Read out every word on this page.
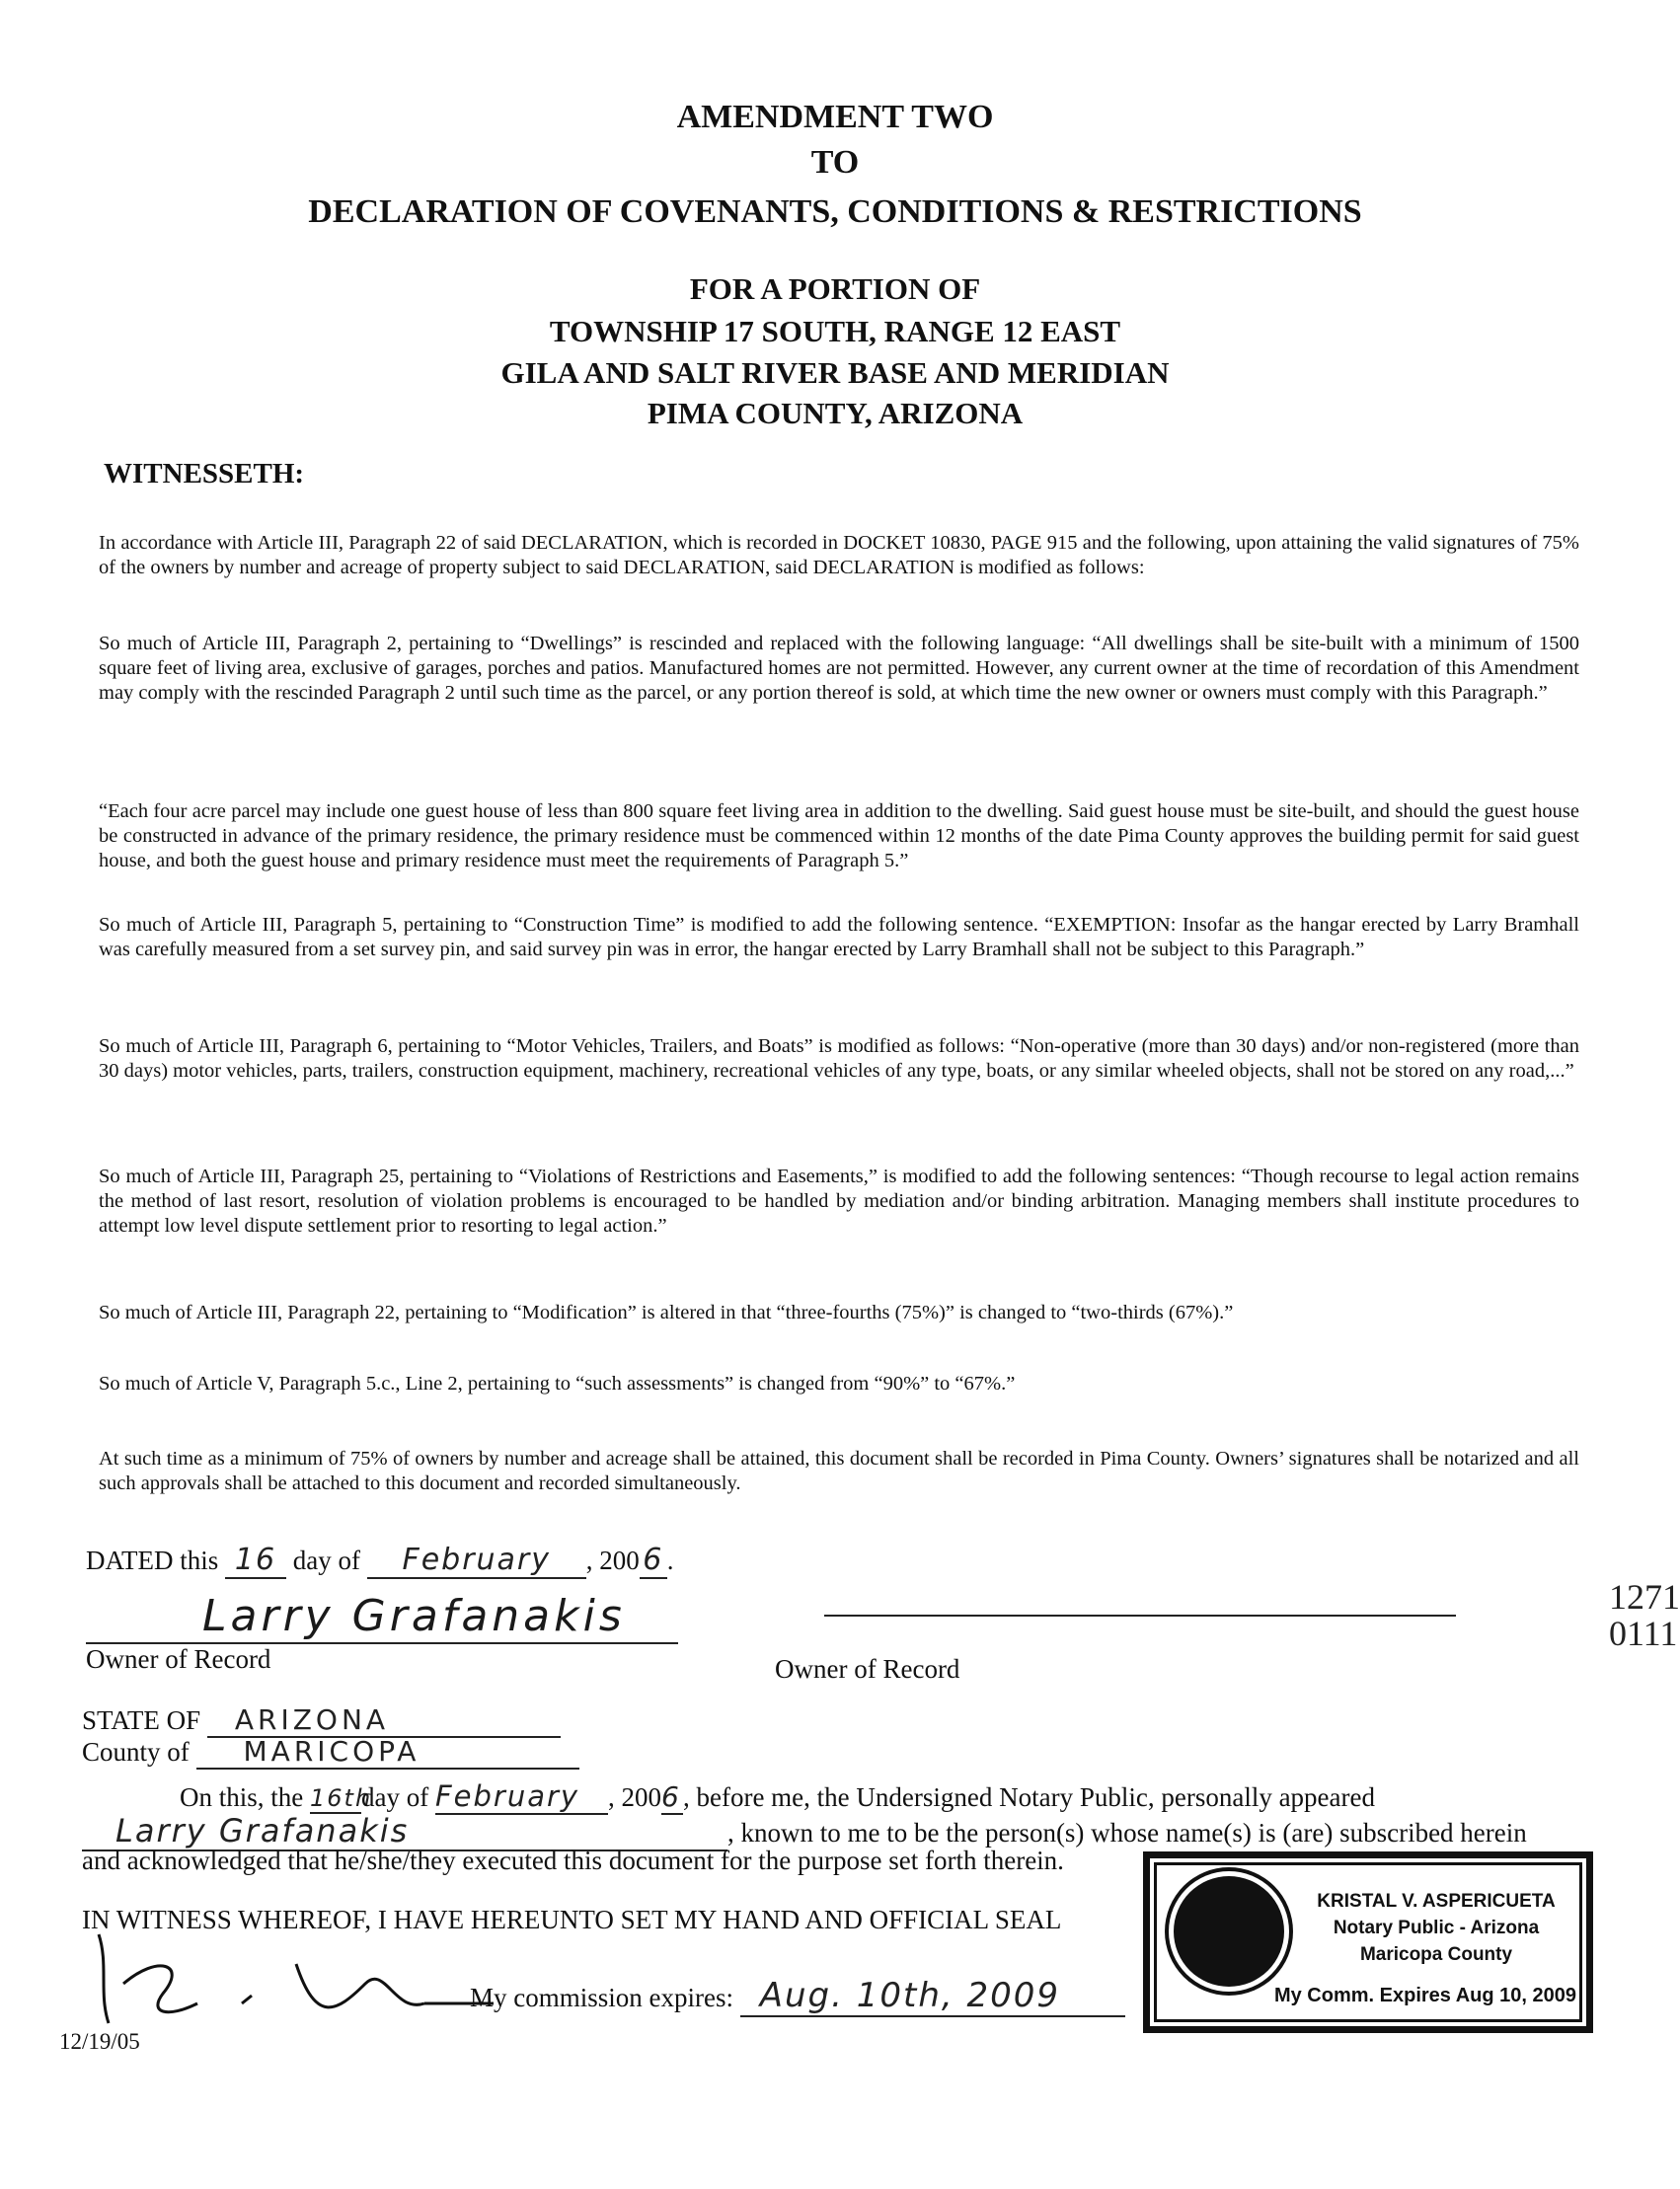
AMENDMENT TWO
TO
DECLARATION OF COVENANTS, CONDITIONS & RESTRICTIONS
FOR A PORTION OF
TOWNSHIP 17 SOUTH, RANGE 12 EAST
GILA AND SALT RIVER BASE AND MERIDIAN
PIMA COUNTY, ARIZONA
WITNESSETH:
In accordance with Article III, Paragraph 22 of said DECLARATION, which is recorded in DOCKET 10830, PAGE 915 and the following, upon attaining the valid signatures of 75% of the owners by number and acreage of property subject to said DECLARATION, said DECLARATION is modified as follows:
So much of Article III, Paragraph 2, pertaining to “Dwellings” is rescinded and replaced with the following language: “All dwellings shall be site-built with a minimum of 1500 square feet of living area, exclusive of garages, porches and patios. Manufactured homes are not permitted. However, any current owner at the time of recordation of this Amendment may comply with the rescinded Paragraph 2 until such time as the parcel, or any portion thereof is sold, at which time the new owner or owners must comply with this Paragraph.”
“Each four acre parcel may include one guest house of less than 800 square feet living area in addition to the dwelling. Said guest house must be site-built, and should the guest house be constructed in advance of the primary residence, the primary residence must be commenced within 12 months of the date Pima County approves the building permit for said guest house, and both the guest house and primary residence must meet the requirements of Paragraph 5.”
So much of Article III, Paragraph 5, pertaining to “Construction Time” is modified to add the following sentence. “EXEMPTION: Insofar as the hangar erected by Larry Bramhall was carefully measured from a set survey pin, and said survey pin was in error, the hangar erected by Larry Bramhall shall not be subject to this Paragraph.”
So much of Article III, Paragraph 6, pertaining to “Motor Vehicles, Trailers, and Boats” is modified as follows: “Non-operative (more than 30 days) and/or non-registered (more than 30 days) motor vehicles, parts, trailers, construction equipment, machinery, recreational vehicles of any type, boats, or any similar wheeled objects, shall not be stored on any road,...”
So much of Article III, Paragraph 25, pertaining to “Violations of Restrictions and Easements,” is modified to add the following sentences: “Though recourse to legal action remains the method of last resort, resolution of violation problems is encouraged to be handled by mediation and/or binding arbitration. Managing members shall institute procedures to attempt low level dispute settlement prior to resorting to legal action.”
So much of Article III, Paragraph 22, pertaining to “Modification” is altered in that “three-fourths (75%)” is changed to “two-thirds (67%).”
So much of Article V, Paragraph 5.c., Line 2, pertaining to “such assessments” is changed from “90%” to “67%.”
At such time as a minimum of 75% of owners by number and acreage shall be attained, this document shall be recorded in Pima County. Owners’ signatures shall be notarized and all such approvals shall be attached to this document and recorded simultaneously.
DATED this 16 day of February , 200 6 .
Larry Grafanakis
Owner of Record	Owner of Record
STATE OF ARIZONA
County of MARICOPA
On this, the 16thday of February , 2006, before me, the Undersigned Notary Public, personally appeared
Larry Grafanakis	, known to me to be the person(s) whose name(s) is (are) subscribed herein
and acknowledged that he/she/they executed this document for the purpose set forth therein.
IN WITNESS WHEREOF, I HAVE HEREUNTO SET MY HAND AND OFFICIAL SEAL
My commission expires: Aug. 10th, 2009
12/19/05
1271 0111
KRISTAL V. ASPERICUETA
Notary Public - Arizona
Maricopa County
My Comm. Expires Aug 10, 2009
